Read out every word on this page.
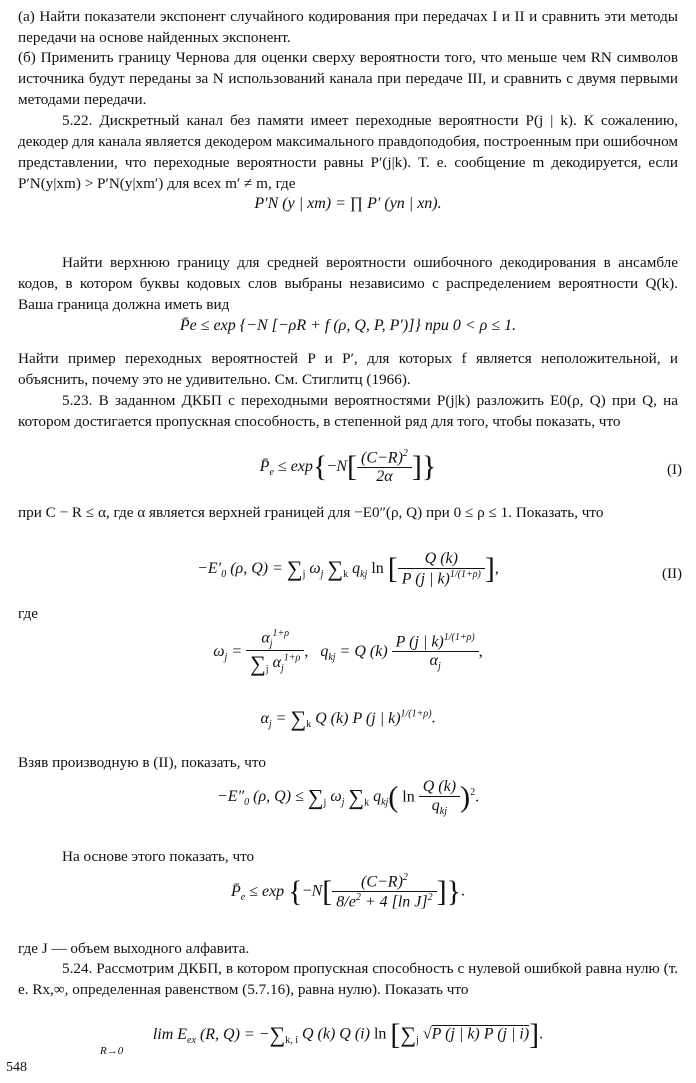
(а) Найти показатели экспонент случайного кодирования при передачах I и II и сравнить эти методы передачи на основе найденных экспонент.

(б) Применить границу Чернова для оценки сверху вероятности того, что меньше чем RN символов источника будут переданы за N использований канала при передаче III, и сравнить с двумя первыми методами передачи.

5.22. Дискретный канал без памяти имеет переходные вероятности P(j | k). К сожалению, декодер для канала является декодером максимального правдоподобия, построенным при ошибочном представлении, что переходные вероятности равны P′(j|k). Т. е. сообщение m декодируется, если P′N(y|xm) > P′N(y|xm′) для всех m′ ≠ m, где

P′N (y | xm) = ∏ P′ (yn | xn).

Найти верхнюю границу для средней вероятности ошибочного декодирования в ансамбле кодов, в котором буквы кодовых слов выбраны независимо с распределением вероятности Q(k). Ваша граница должна иметь вид

P̄e ≤ exp {−N [−ρR + f (ρ, Q, P, P′)]} при 0 < ρ ≤ 1.

Найти пример переходных вероятностей P и P′, для которых f является неположительной, и объяснить, почему это не удивительно. См. Стиглитц (1966).

5.23. В заданном ДКБП с переходными вероятностями P(j|k) разложить E0(ρ, Q) при Q, на котором достигается пропускная способность, в степенной ряд для того, чтобы показать, что

$P̄_e \le \exp\{-N[ \frac{(C-R)^2}{2\alpha}$ ]}	(I)

при C − R ≤ α, где α является верхней границей для −E0″(ρ, Q) при 0 ≤ ρ ≤ 1. Показать, что

$-E'_0$ (ρ, $Q) = \sum_j$ $\omega_j$ $\sum_k$ $q_{kj}$ ln [ $\frac{Q (k)}{P (j | k)^{1/(1+\rho)}}$ ],	(II)
где
$\omega_j = \frac{\alpha_j^{1+\rho}}{\sum_j \alpha_j^{1+\rho}}$ ,   $q_{kj} = Q$ $(k) \frac{P (j | k)^{1/(1+\rho)}}{\alpha_j}$ ,
$\alpha_j = \sum_k$ Q (k) P (j | k)$^{1/(1+\rho)}$.

Взяв производную в (II), показать, что

$-E''_0$ (ρ, $Q) \le \sum_j$ $\omega_j$ $\sum_k$ $q_{kj}$( $\ln \frac{Q (k)}{q_{kj}} )^2$.

На основе этого показать, что

$P̄_e \le \exp \{-N[ \frac{(C-R)^2}{8/e^2 + 4 [\ln J]^2}$ ]}.

где J — объем выходного алфавита.

5.24. Рассмотрим ДКБП, в котором пропускная способность с нулевой ошибкой равна нулю (т. е. Rx,∞, определенная равенством (5.7.16), равна нулю). Показать что

$\lim E_{ex}$ (R, $Q) = -\sum_{k, i}$ Q (k) Q (i) $\ln [\sum_j$ √P (j | k) P (j | i)].
R→0
548
